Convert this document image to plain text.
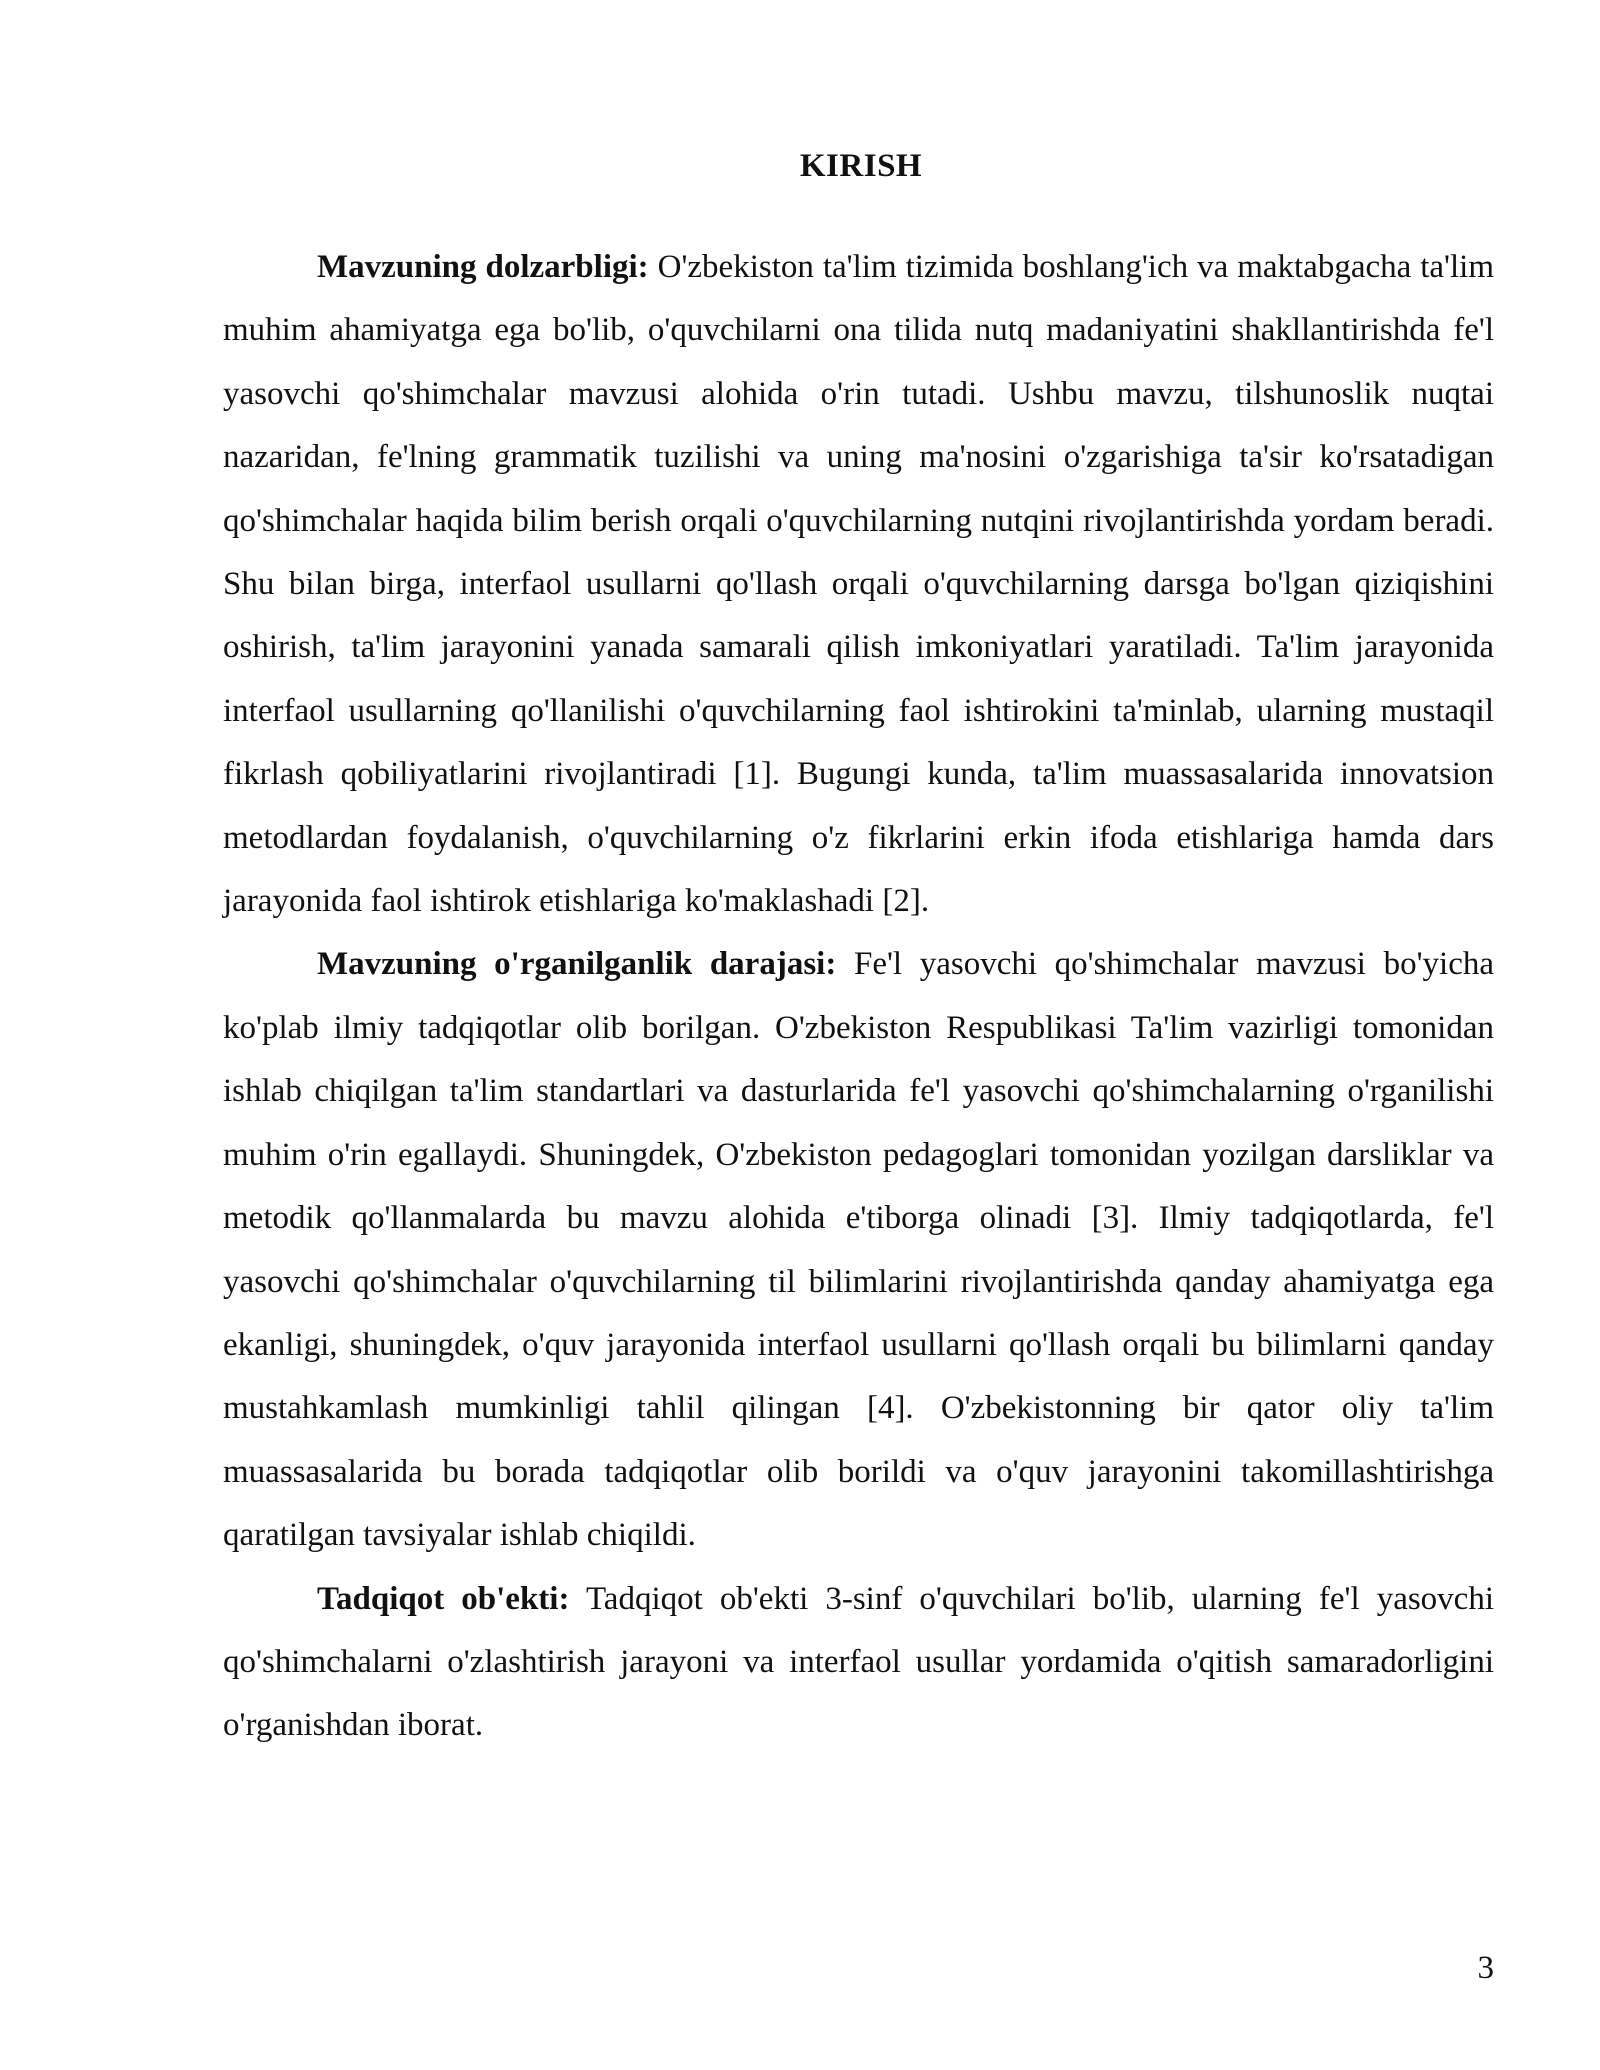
KIRISH

Mavzuning dolzarbligi: O'zbekiston ta'lim tizimida boshlang'ich va maktabgacha ta'lim muhim ahamiyatga ega bo'lib, o'quvchilarni ona tilida nutq madaniyatini shakllantirishda fe'l yasovchi qo'shimchalar mavzusi alohida o'rin tutadi. Ushbu mavzu, tilshunoslik nuqtai nazaridan, fe'lning grammatik tuzilishi va uning ma'nosini o'zgarishiga ta'sir ko'rsatadigan qo'shimchalar haqida bilim berish orqali o'quvchilarning nutqini rivojlantirishda yordam beradi. Shu bilan birga, interfaol usullarni qo'llash orqali o'quvchilarning darsga bo'lgan qiziqishini oshirish, ta'lim jarayonini yanada samarali qilish imkoniyatlari yaratiladi. Ta'lim jarayonida interfaol usullarning qo'llanilishi o'quvchilarning faol ishtirokini ta'minlab, ularning mustaqil fikrlash qobiliyatlarini rivojlantiradi [1]. Bugungi kunda, ta'lim muassasalarida innovatsion metodlardan foydalanish, o'quvchilarning o'z fikrlarini erkin ifoda etishlariga hamda dars jarayonida faol ishtirok etishlariga ko'maklashadi [2].

Mavzuning o'rganilganlik darajasi: Fe'l yasovchi qo'shimchalar mavzusi bo'yicha ko'plab ilmiy tadqiqotlar olib borilgan. O'zbekiston Respublikasi Ta'lim vazirligi tomonidan ishlab chiqilgan ta'lim standartlari va dasturlarida fe'l yasovchi qo'shimchalarning o'rganilishi muhim o'rin egallaydi. Shuningdek, O'zbekiston pedagoglari tomonidan yozilgan darsliklar va metodik qo'llanmalarda bu mavzu alohida e'tiborga olinadi [3]. Ilmiy tadqiqotlarda, fe'l yasovchi qo'shimchalar o'quvchilarning til bilimlarini rivojlantirishda qanday ahamiyatga ega ekanligi, shuningdek, o'quv jarayonida interfaol usullarni qo'llash orqali bu bilimlarni qanday mustahkamlash mumkinligi tahlil qilingan [4]. O'zbekistonning bir qator oliy ta'lim muassasalarida bu borada tadqiqotlar olib borildi va o'quv jarayonini takomillashtirishga qaratilgan tavsiyalar ishlab chiqildi.

Tadqiqot ob'ekti: Tadqiqot ob'ekti 3-sinf o'quvchilari bo'lib, ularning fe'l yasovchi qo'shimchalarni o'zlashtirish jarayoni va interfaol usullar yordamida o'qitish samaradorligini o'rganishdan iborat.

3
